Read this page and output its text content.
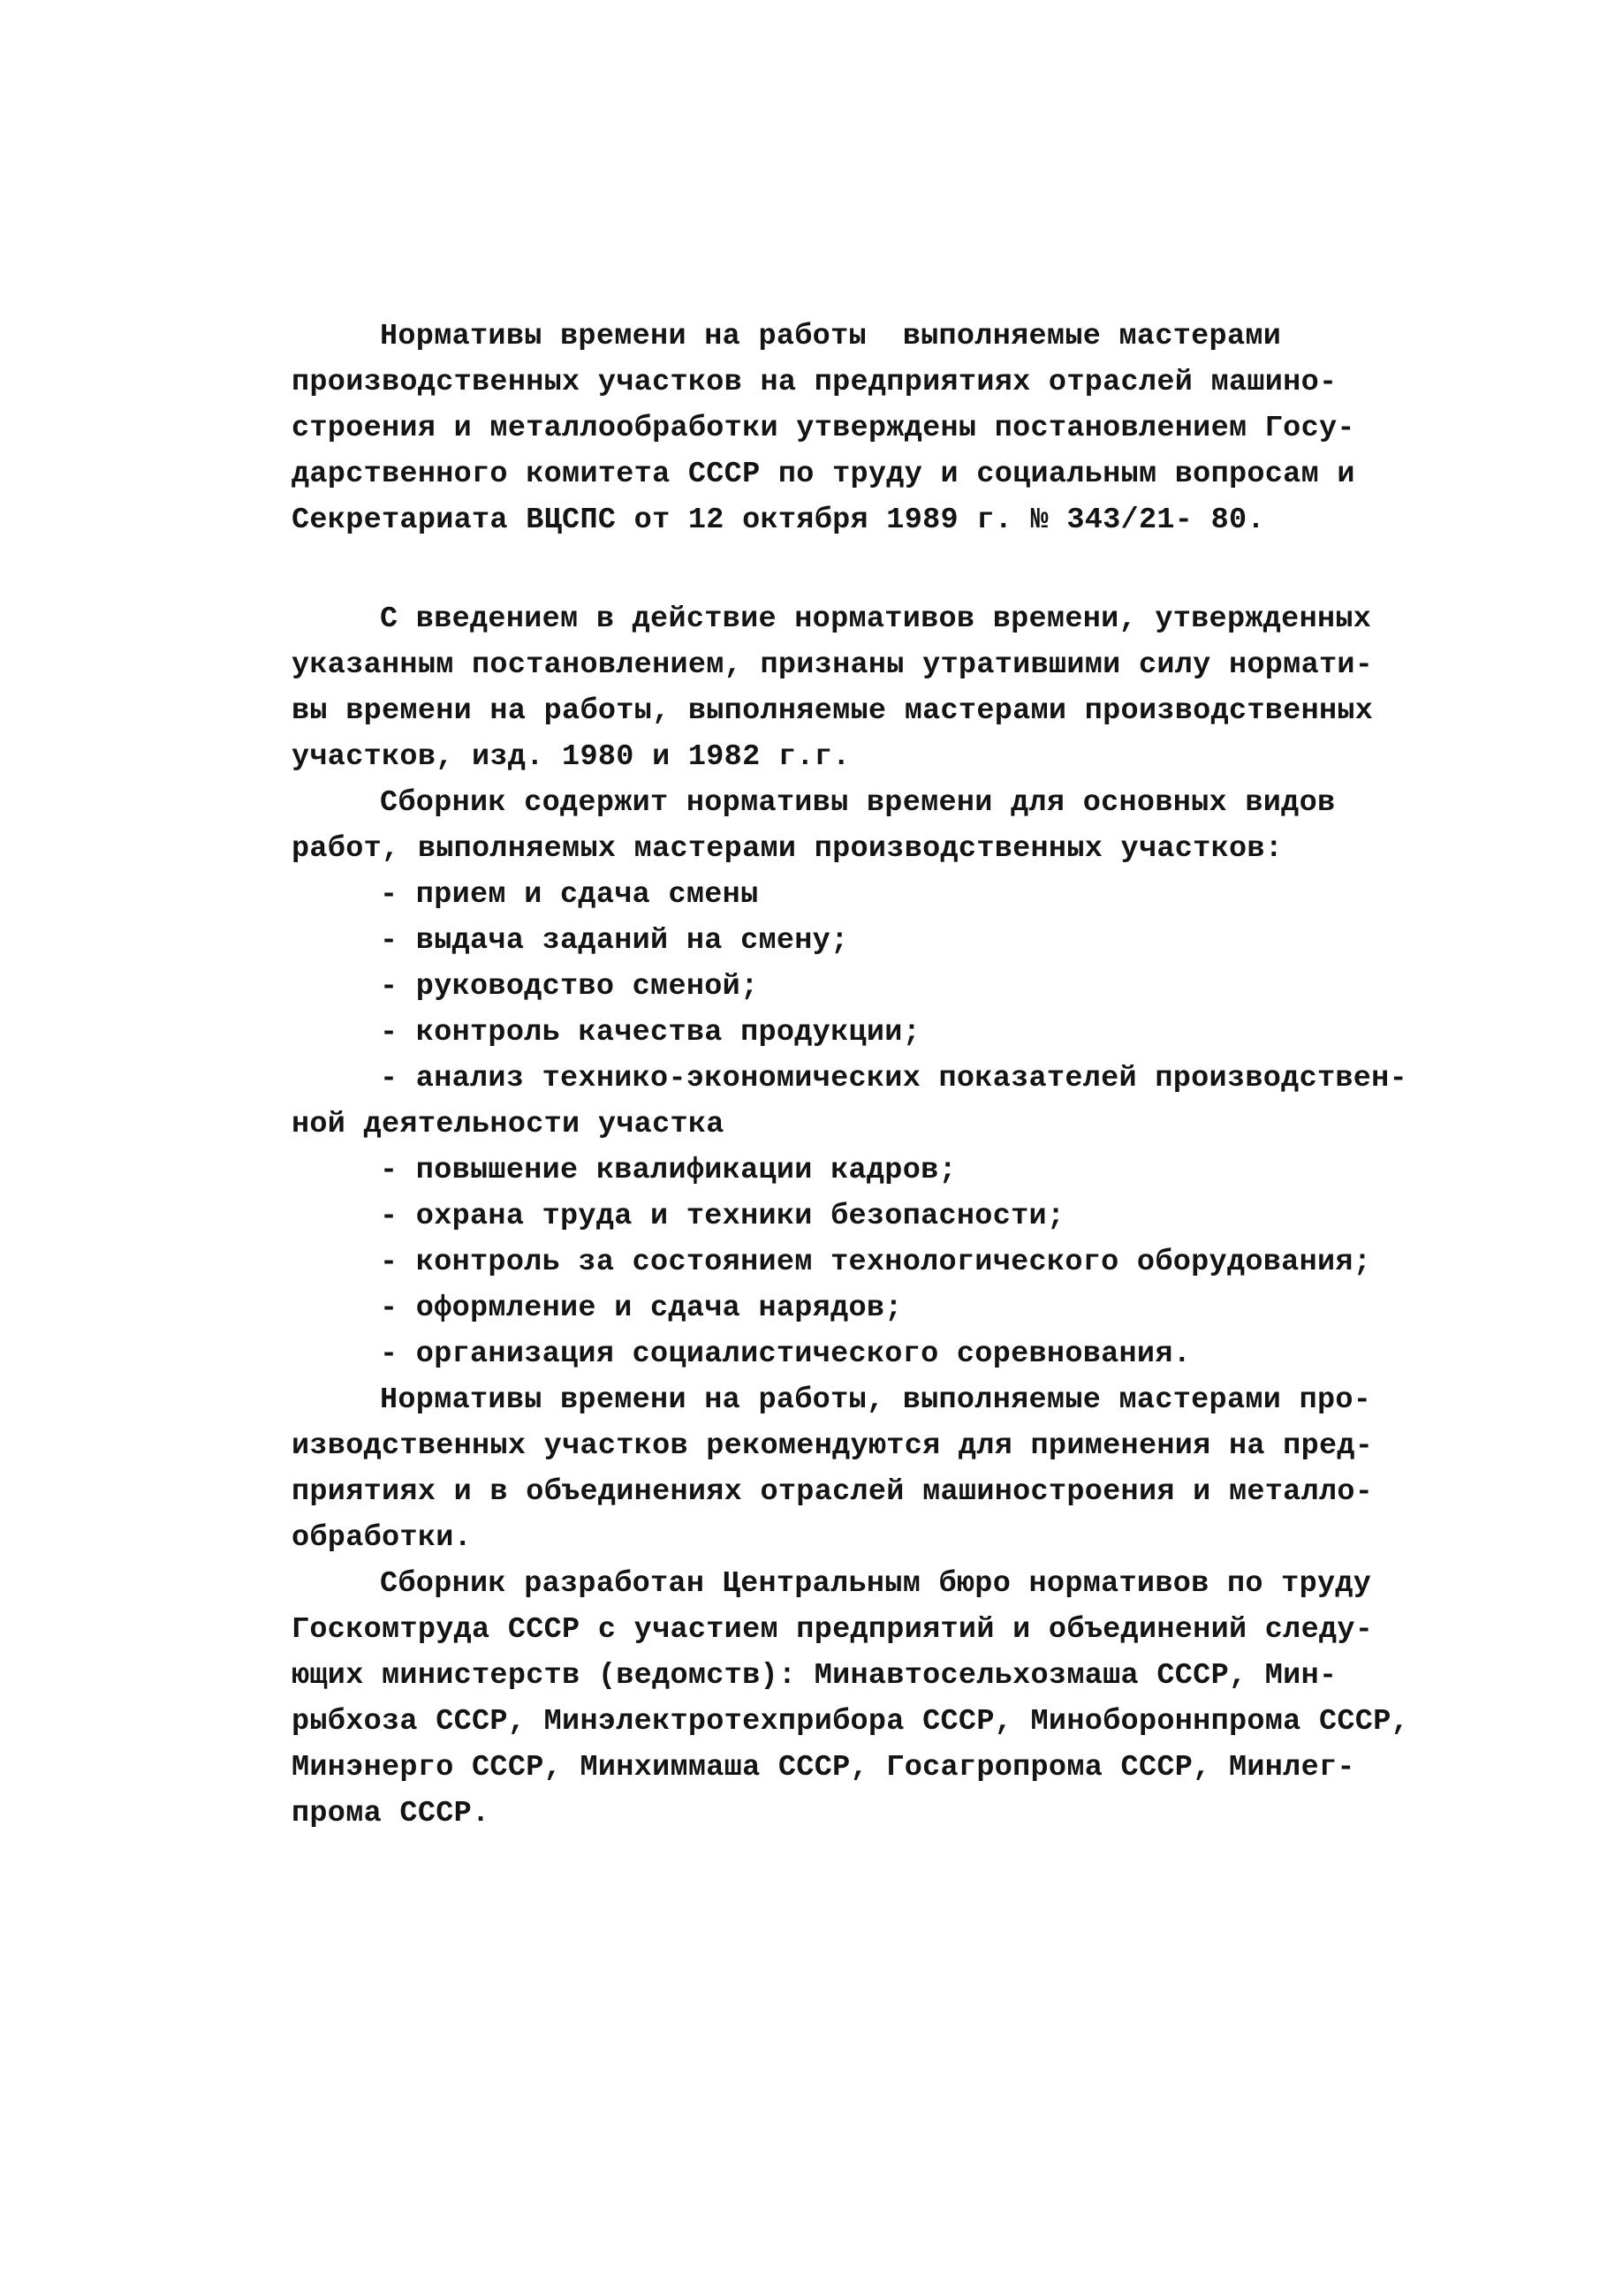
Нормативы времени на работы  выполняемые мастерами
производственных участков на предприятиях отраслей машино-
строения и металлообработки утверждены постановлением Госу-
дарственного комитета СССР по труду и социальным вопросам и
Секретариата ВЦСПС от 12 октября 1989 г. № 343/21- 80.
С введением в действие нормативов времени, утвержденных
указанным постановлением, признаны утратившими силу нормати-
вы времени на работы, выполняемые мастерами производственных
участков, изд. 1980 и 1982 г.г.
Сборник содержит нормативы времени для основных видов
работ, выполняемых мастерами производственных участков:
- прием и сдача смены
- выдача заданий на смену;
- руководство сменой;
- контроль качества продукции;
- анализ технико-экономических показателей производствен-
ной деятельности участка
- повышение квалификации кадров;
- охрана труда и техники безопасности;
- контроль за состоянием технологического оборудования;
- оформление и сдача нарядов;
- организация социалистического соревнования.
Нормативы времени на работы, выполняемые мастерами про-
изводственных участков рекомендуются для применения на пред-
приятиях и в объединениях отраслей машиностроения и металло-
обработки.
Сборник разработан Центральным бюро нормативов по труду
Госкомтруда СССР с участием предприятий и объединений следу-
ющих министерств (ведомств): Минавтосельхозмаша СССР, Мин-
рыбхоза СССР, Минэлектротехприбора СССР, Минобороннпрома СССР,
Минэнерго СССР, Минхиммаша СССР, Госагропрома СССР, Минлег-
прома СССР.
